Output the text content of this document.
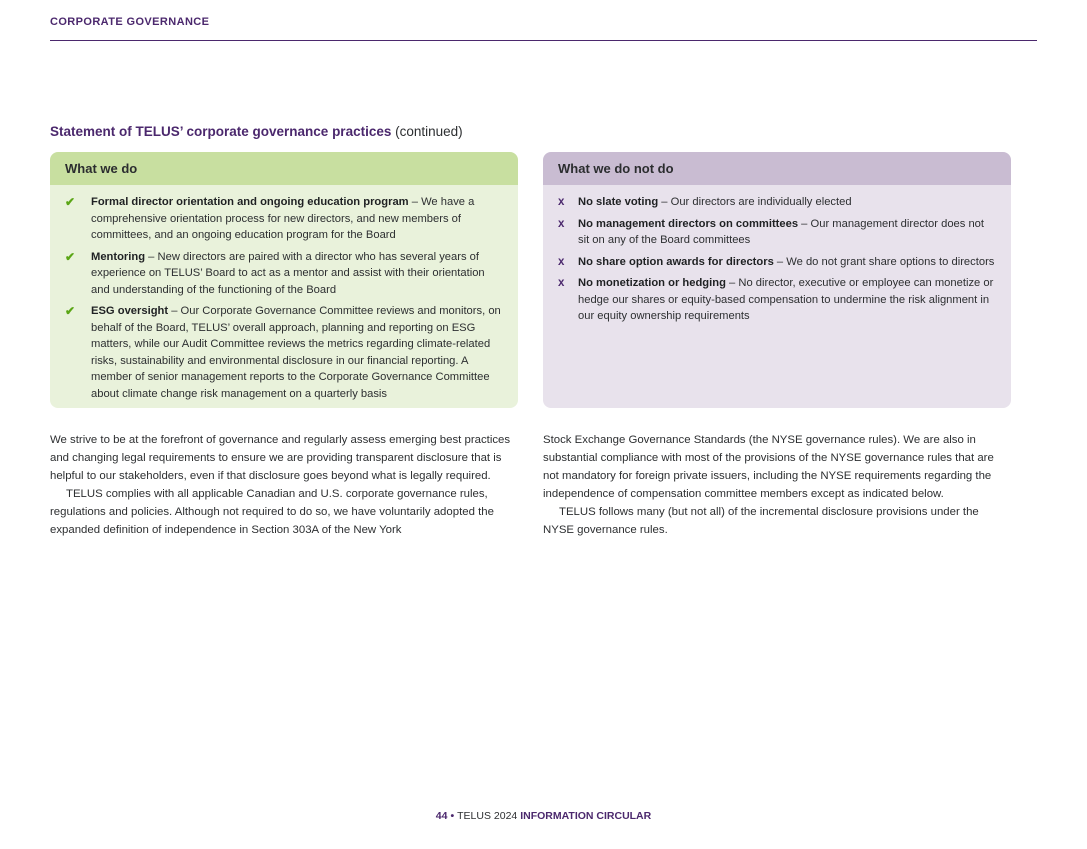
CORPORATE GOVERNANCE
Statement of TELUS’ corporate governance practices (continued)
What we do
✔	Formal director orientation and ongoing education program – We have a comprehensive orientation process for new directors, and new members of committees, and an ongoing education program for the Board
✔	Mentoring – New directors are paired with a director who has several years of experience on TELUS’ Board to act as a mentor and assist with their orientation and understanding of the functioning of the Board
✔	ESG oversight – Our Corporate Governance Committee reviews and monitors, on behalf of the Board, TELUS’ overall approach, planning and reporting on ESG matters, while our Audit Committee reviews the metrics regarding climate-related risks, sustainability and environmental disclosure in our financial reporting. A member of senior management reports to the Corporate Governance Committee about climate change risk management on a quarterly basis
What we do not do
x	No slate voting – Our directors are individually elected
x	No management directors on committees – Our management director does not sit on any of the Board committees
x	No share option awards for directors – We do not grant share options to directors
x	No monetization or hedging – No director, executive or employee can monetize or hedge our shares or equity-based compensation to undermine the risk alignment in our equity ownership requirements

We strive to be at the forefront of governance and regularly assess emerging best practices and changing legal requirements to ensure we are providing transparent disclosure that is helpful to our stakeholders, even if that disclosure goes beyond what is legally required.

TELUS complies with all applicable Canadian and U.S. corporate governance rules, regulations and policies. Although not required to do so, we have voluntarily adopted the expanded definition of independence in Section 303A of the New York

Stock Exchange Governance Standards (the NYSE governance rules). We are also in substantial compliance with most of the provisions of the NYSE governance rules that are not mandatory for foreign private issuers, including the NYSE requirements regarding the independence of compensation committee members except as indicated below.

TELUS follows many (but not all) of the incremental disclosure provisions under the NYSE governance rules.

44 • TELUS 2024 INFORMATION CIRCULAR
